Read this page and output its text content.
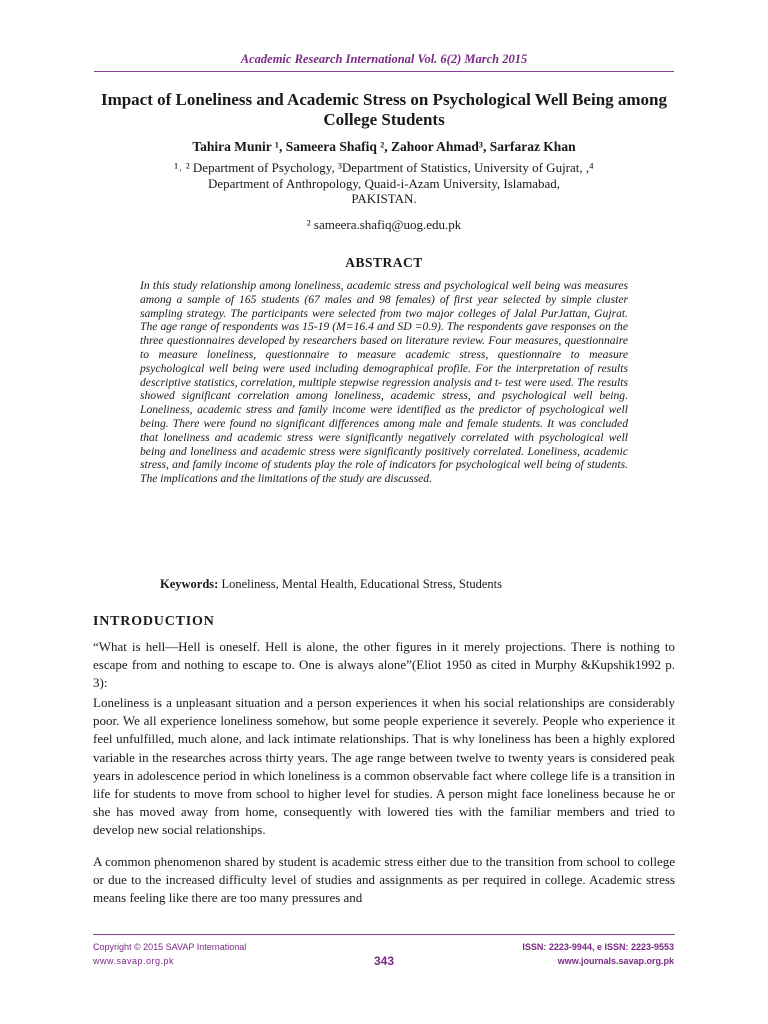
Academic Research International Vol. 6(2) March 2015
Impact of Loneliness and Academic Stress on Psychological Well Being among College Students
Tahira Munir ¹, Sameera Shafiq ², Zahoor Ahmad³, Sarfaraz Khan
¹˒ ² Department of Psychology, ³Department of Statistics, University of Gujrat, ,⁴
Department of Anthropology, Quaid-i-Azam University, Islamabad,
PAKISTAN.
² sameera.shafiq@uog.edu.pk
ABSTRACT
In this study relationship among loneliness, academic stress and psychological well being was measures among a sample of 165 students (67 males and 98 females) of first year selected by simple cluster sampling strategy. The participants were selected from two major colleges of Jalal PurJattan, Gujrat. The age range of respondents was 15-19 (M=16.4 and SD =0.9). The respondents gave responses on the three questionnaires developed by researchers based on literature review. Four measures, questionnaire to measure loneliness, questionnaire to measure academic stress, questionnaire to measure psychological well being were used including demographical profile. For the interpretation of results descriptive statistics, correlation, multiple stepwise regression analysis and t- test were used. The results showed significant correlation among loneliness, academic stress, and psychological well being. Loneliness, academic stress and family income were identified as the predictor of psychological well being. There were found no significant differences among male and female students. It was concluded that loneliness and academic stress were significantly negatively correlated with psychological well being and loneliness and academic stress were significantly positively correlated. Loneliness, academic stress, and family income of students play the role of indicators for psychological well being of students. The implications and the limitations of the study are discussed.
Keywords: Loneliness, Mental Health, Educational Stress, Students
INTRODUCTION
“What is hell—Hell is oneself. Hell is alone, the other figures in it merely projections. There is nothing to escape from and nothing to escape to. One is always alone”(Eliot 1950 as cited in Murphy &Kupshik1992 p. 3):
Loneliness is a unpleasant situation and a person experiences it when his social relationships are considerably poor. We all experience loneliness somehow, but some people experience it severely. People who experience it feel unfulfilled, much alone, and lack intimate relationships. That is why loneliness has been a highly explored variable in the researches across thirty years. The age range between twelve to twenty years is considered peak years in adolescence period in which loneliness is a common observable fact where college life is a transition in life for students to move from school to higher level for studies. A person might face loneliness because he or she has moved away from home, consequently with lowered ties with the familiar members and tried to develop new social relationships.
A common phenomenon shared by student is academic stress either due to the transition from school to college or due to the increased difficulty level of studies and assignments as per required in college. Academic stress means feeling like there are too many pressures and
Copyright © 2015 SAVAP International
www.savap.org.pk	343
ISSN: 2223-9944, e ISSN: 2223-9553
www.journals.savap.org.pk
